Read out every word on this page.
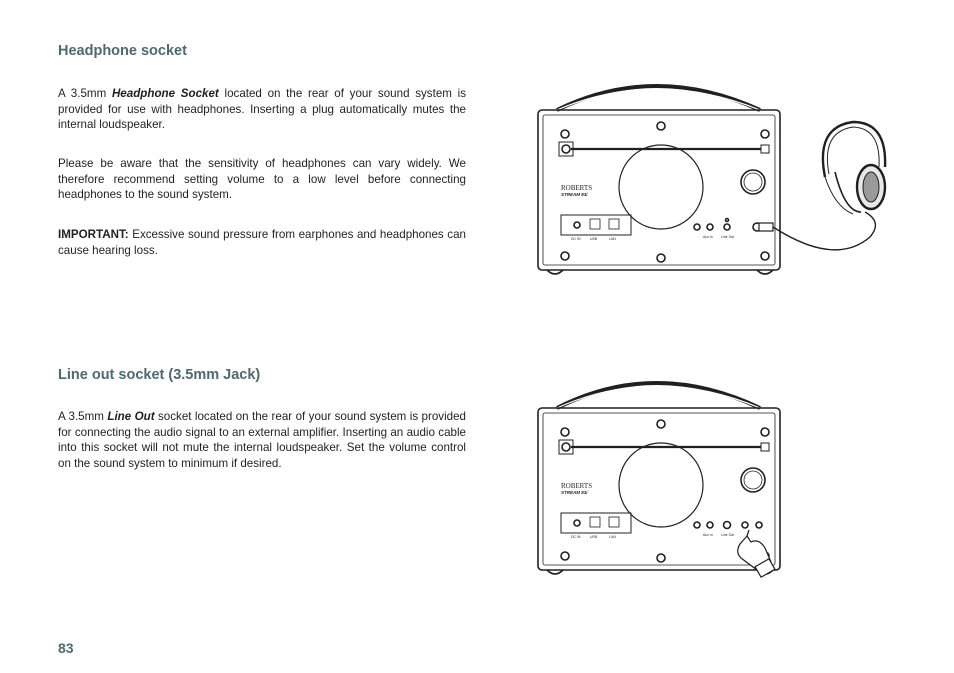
Headphone socket

A 3.5mm Headphone Socket located on the rear of your sound system is provided for use with headphones. Inserting a plug automatically mutes the internal loudspeaker.

Please be aware that the sensitivity of headphones can vary widely. We therefore recommend setting volume to a low level before connecting headphones to the sound system.

IMPORTANT: Excessive sound pressure from earphones and headphones can cause hearing loss.

Line out socket (3.5mm Jack)

A 3.5mm Line Out socket located on the rear of your sound system is provided for connecting the audio signal to an external amplifier. Inserting an audio cable into this socket will not mute the internal loudspeaker. Set the volume control on the sound system to minimum if desired.

ROBERTS
STREAM 83i
USB	LAN
DC IN	Aux in Line Out
ROBERTS
STREAM 83i
USB	LAN
DC IN	Aux in Line Out
83
